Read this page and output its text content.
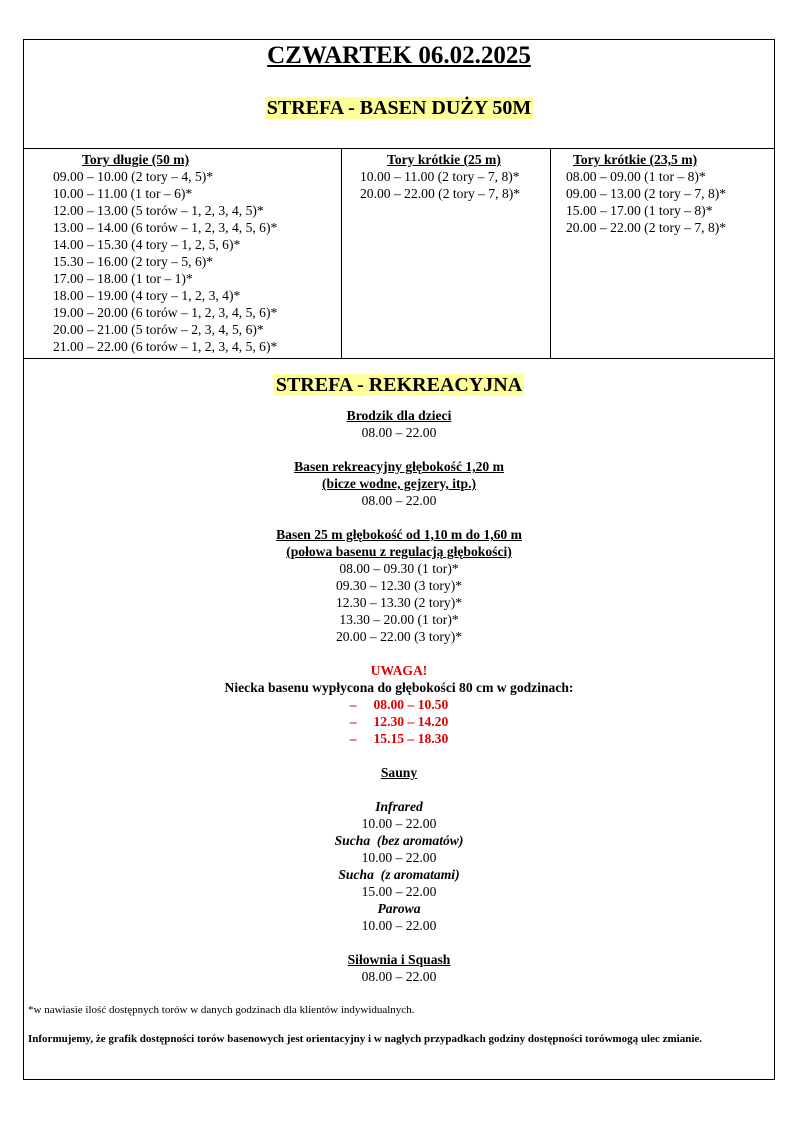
CZWARTEK 06.02.2025
STREFA - BASEN DUŻY 50M
Tory długie (50 m)
09.00 – 10.00 (2 tory – 4, 5)*
10.00 – 11.00 (1 tor – 6)*
12.00 – 13.00 (5 torów – 1, 2, 3, 4, 5)*
13.00 – 14.00 (6 torów – 1, 2, 3, 4, 5, 6)*
14.00 – 15.30 (4 tory – 1, 2, 5, 6)*
15.30 – 16.00 (2 tory – 5, 6)*
17.00 – 18.00 (1 tor – 1)*
18.00 – 19.00 (4 tory – 1, 2, 3, 4)*
19.00 – 20.00 (6 torów – 1, 2, 3, 4, 5, 6)*
20.00 – 21.00 (5 torów – 2, 3, 4, 5, 6)*
21.00 – 22.00 (6 torów – 1, 2, 3, 4, 5, 6)*
Tory krótkie (25 m)
10.00 – 11.00 (2 tory – 7, 8)*
20.00 – 22.00 (2 tory – 7, 8)*
Tory krótkie (23,5 m)
08.00 – 09.00 (1 tor – 8)*
09.00 – 13.00 (2 tory – 7, 8)*
15.00 – 17.00 (1 tory – 8)*
20.00 – 22.00 (2 tory – 7, 8)*
STREFA - REKREACYJNA
Brodzik dla dzieci
08.00 – 22.00
Basen rekreacyjny głębokość 1,20 m
(bicze wodne, gejzery, itp.)
08.00 – 22.00
Basen 25 m głębokość od 1,10 m do 1,60 m
(połowa basenu z regulacją głębokości)
08.00 – 09.30 (1 tor)*
09.30 – 12.30 (3 tory)*
12.30 – 13.30 (2 tory)*
13.30 – 20.00 (1 tor)*
20.00 – 22.00 (3 tory)*
UWAGA!
Niecka basenu wypłycona do głębokości 80 cm w godzinach:
–     08.00 – 10.50
–     12.30 – 14.20
–     15.15 – 18.30
Sauny
Infrared
10.00 – 22.00
Sucha  (bez aromatów)
10.00 – 22.00
Sucha  (z aromatami)
15.00 – 22.00
Parowa
10.00 – 22.00
Siłownia i Squash
08.00 – 22.00
*w nawiasie ilość dostępnych torów w danych godzinach dla klientów indywidualnych.
Informujemy, że grafik dostępności torów basenowych jest orientacyjny i w nagłych przypadkach godziny dostępności torówmogą ulec zmianie.
